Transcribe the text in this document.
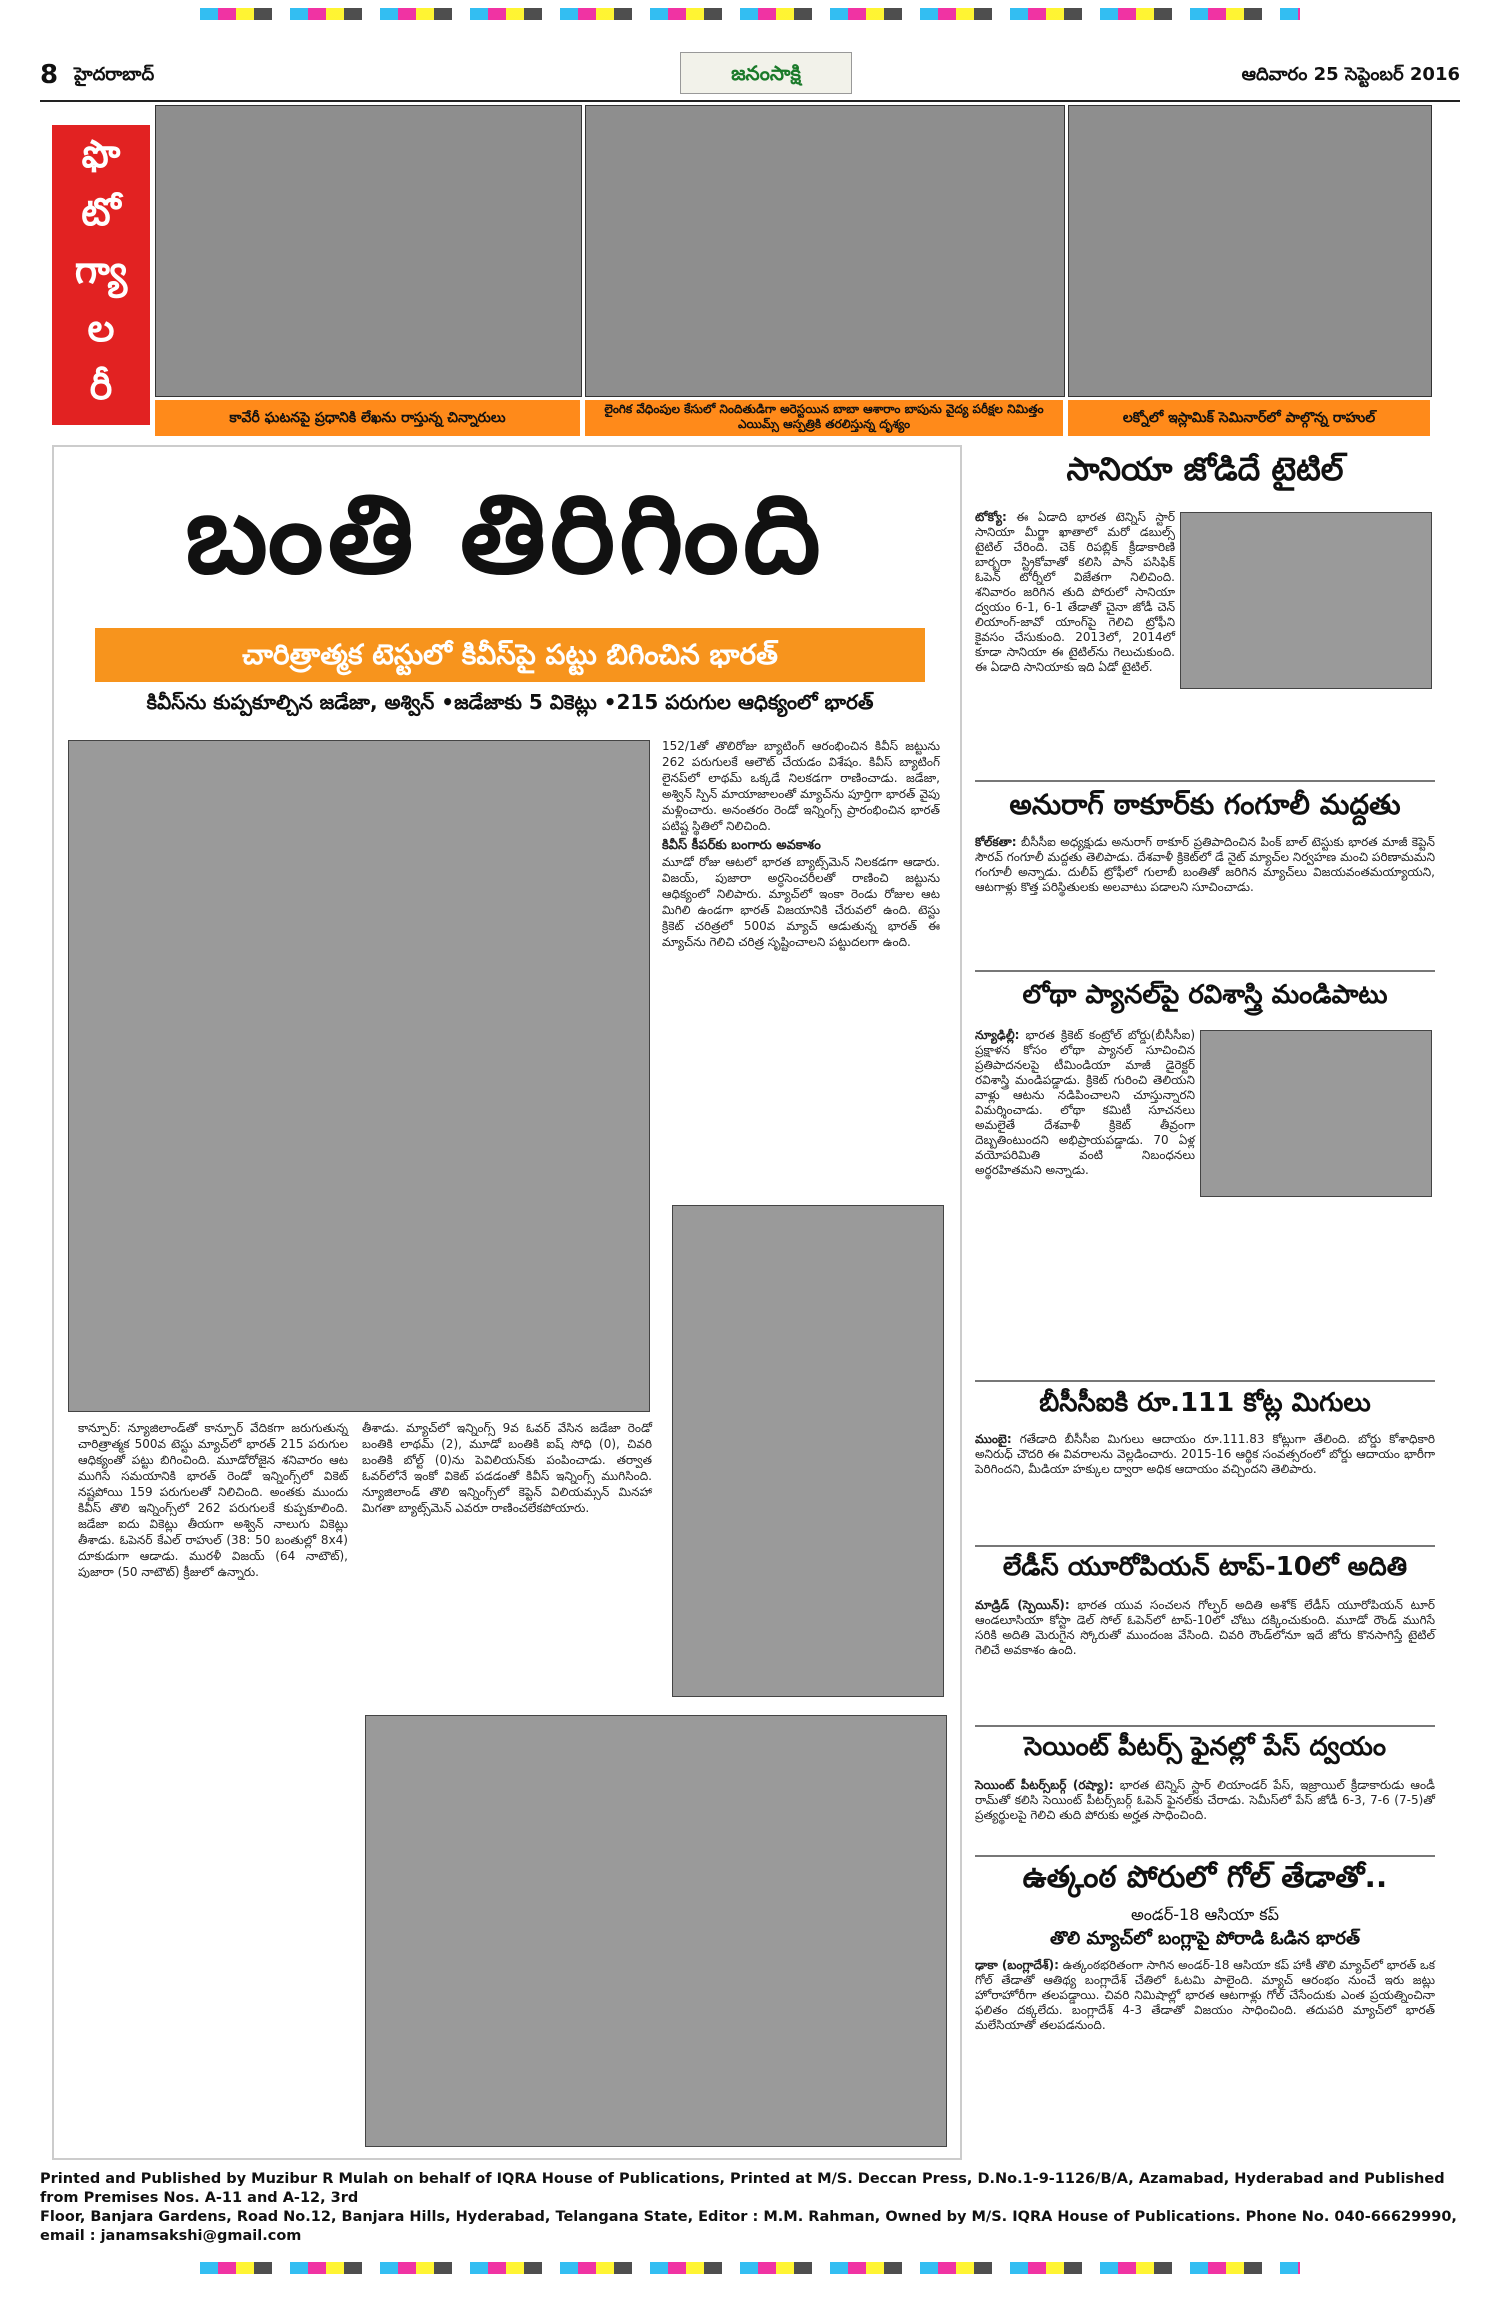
8 హైదరాబాద్	జనంసాక్షి	ఆదివారం 25 సెప్టెంబర్ 2016
ఫొ
టో
గ్యా
ల
రీ
కావేరీ ఘటనపై ప్రధానికి లేఖను రాస్తున్న చిన్నారులు
లైంగిక వేధింపుల కేసులో నిందితుడిగా అరెస్టయిన బాబా ఆశారాం బాపును వైద్య పరీక్షల నిమిత్తం ఎయిమ్స్ ఆస్పత్రికి తరలిస్తున్న దృశ్యం	లక్నోలో ఇస్లామిక్ సెమినార్‌లో పాల్గొన్న రాహుల్
బంతి తిరిగింది
చారిత్రాత్మక టెస్టులో కివీస్‌పై పట్టు బిగించిన భారత్
కివీస్‌ను కుప్పకూల్చిన జడేజా, అశ్విన్ •జడేజాకు 5 వికెట్లు •215 పరుగుల ఆధిక్యంలో భారత్
152/1తో తొలిరోజు బ్యాటింగ్ ఆరంభించిన కివీస్ జట్టును 262 పరుగులకే ఆలౌట్ చేయడం విశేషం. కివీస్ బ్యాటింగ్ లైనప్‌లో లాథమ్ ఒక్కడే నిలకడగా రాణించాడు. జడేజా, అశ్విన్ స్పిన్ మాయాజాలంతో మ్యాచ్‌ను పూర్తిగా భారత్ వైపు మళ్లించారు. అనంతరం రెండో ఇన్నింగ్స్ ప్రారంభించిన భారత్ పటిష్ట స్థితిలో నిలిచింది.
కివీస్ కీపర్‌కు బంగారు అవకాశం
మూడో రోజు ఆటలో భారత బ్యాట్స్‌మెన్ నిలకడగా ఆడారు. విజయ్, పుజారా అర్ధసెంచరీలతో రాణించి జట్టును ఆధిక్యంలో నిలిపారు. మ్యాచ్‌లో ఇంకా రెండు రోజుల ఆట మిగిలి ఉండగా భారత్ విజయానికి చేరువలో ఉంది. టెస్టు క్రికెట్ చరిత్రలో 500వ మ్యాచ్ ఆడుతున్న భారత్ ఈ మ్యాచ్‌ను గెలిచి చరిత్ర సృష్టించాలని పట్టుదలగా ఉంది.
కాన్పూర్: న్యూజిలాండ్‌తో కాన్పూర్ వేదికగా జరుగుతున్న చారిత్రాత్మక 500వ టెస్టు మ్యాచ్‌లో భారత్ 215 పరుగుల ఆధిక్యంతో పట్టు బిగించింది. మూడోరోజైన శనివారం ఆట ముగిసే సమయానికి భారత్ రెండో ఇన్నింగ్స్‌లో వికెట్ నష్టపోయి 159 పరుగులతో నిలిచింది. అంతకు ముందు కివీస్ తొలి ఇన్నింగ్స్‌లో 262 పరుగులకే కుప్పకూలింది. జడేజా ఐదు వికెట్లు తీయగా అశ్విన్ నాలుగు వికెట్లు తీశాడు. ఓపెనర్ కేఎల్ రాహుల్ (38: 50 బంతుల్లో 8x4) దూకుడుగా ఆడాడు. మురళీ విజయ్ (64 నాటౌట్), పుజారా (50 నాటౌట్) క్రీజులో ఉన్నారు.
తీశాడు. మ్యాచ్‌లో ఇన్నింగ్స్ 9వ ఓవర్ వేసిన జడేజా రెండో బంతికి లాథమ్ (2), మూడో బంతికి ఐష్ సోధి (0), చివరి బంతికి బోల్ట్ (0)ను పెవిలియన్‌కు పంపించాడు. తర్వాత ఓవర్‌లోనే ఇంకో వికెట్ పడడంతో కివీస్ ఇన్నింగ్స్ ముగిసింది. న్యూజిలాండ్ తొలి ఇన్నింగ్స్‌లో కెప్టెన్ విలియమ్సన్ మినహా మిగతా బ్యాట్స్‌మెన్ ఎవరూ రాణించలేకపోయారు.
సానియా జోడిదే టైటిల్
టోక్యో: ఈ ఏడాది భారత టెన్నిస్ స్టార్ సానియా మీర్జా ఖాతాలో మరో డబుల్స్ టైటిల్ చేరింది. చెక్ రిపబ్లిక్ క్రీడాకారిణి బార్బరా స్ట్రికోవాతో కలిసి పాన్ పసిఫిక్ ఓపెన్ టోర్నీలో విజేతగా నిలిచింది. శనివారం జరిగిన తుది పోరులో సానియా ద్వయం 6-1, 6-1 తేడాతో చైనా జోడీ చెన్ లియాంగ్-జావో యాంగ్‌పై గెలిచి ట్రోఫీని కైవసం చేసుకుంది. 2013లో, 2014లో కూడా సానియా ఈ టైటిల్‌ను గెలుచుకుంది. ఈ ఏడాది సానియాకు ఇది ఏడో టైటిల్.
అనురాగ్ ఠాకూర్‌కు గంగూలీ మద్దతు
కోల్‌కతా: బీసీసీఐ అధ్యక్షుడు అనురాగ్ ఠాకూర్ ప్రతిపాదించిన పింక్ బాల్ టెస్టుకు భారత మాజీ కెప్టెన్ సౌరవ్ గంగూలీ మద్దతు తెలిపాడు. దేశవాళీ క్రికెట్‌లో డే నైట్ మ్యాచ్‌ల నిర్వహణ మంచి పరిణామమని గంగూలీ అన్నాడు. దులీప్ ట్రోఫీలో గులాబీ బంతితో జరిగిన మ్యాచ్‌లు విజయవంతమయ్యాయని, ఆటగాళ్లు కొత్త పరిస్థితులకు అలవాటు పడాలని సూచించాడు.
లోథా ప్యానల్‌పై రవిశాస్త్రి మండిపాటు
న్యూఢిల్లీ: భారత క్రికెట్ కంట్రోల్ బోర్డు(బీసీసీఐ) ప్రక్షాళన కోసం లోథా ప్యానల్ సూచించిన ప్రతిపాదనలపై టీమిండియా మాజీ డైరెక్టర్ రవిశాస్త్రి మండిపడ్డాడు. క్రికెట్ గురించి తెలియని వాళ్లు ఆటను నడిపించాలని చూస్తున్నారని విమర్శించాడు. లోథా కమిటీ సూచనలు అమలైతే దేశవాళీ క్రికెట్ తీవ్రంగా దెబ్బతింటుందని అభిప్రాయపడ్డాడు. 70 ఏళ్ల వయోపరిమితి వంటి నిబంధనలు అర్థరహితమని అన్నాడు.
బీసీసీఐకి రూ.111 కోట్ల మిగులు
ముంబై: గతేడాది బీసీసీఐ మిగులు ఆదాయం రూ.111.83 కోట్లుగా తేలింది. బోర్డు కోశాధికారి అనిరుధ్ చౌదరి ఈ వివరాలను వెల్లడించారు. 2015-16 ఆర్థిక సంవత్సరంలో బోర్డు ఆదాయం భారీగా పెరిగిందని, మీడియా హక్కుల ద్వారా అధిక ఆదాయం వచ్చిందని తెలిపారు.
లేడీస్ యూరోపియన్ టాప్-10లో అదితి
మాడ్రిడ్ (స్పెయిన్): భారత యువ సంచలన గోల్ఫర్ అదితి అశోక్ లేడీస్ యూరోపియన్ టూర్ ఆండలూసియా కోస్టా డెల్ సోల్ ఓపెన్‌లో టాప్-10లో చోటు దక్కించుకుంది. మూడో రౌండ్ ముగిసే సరికి అదితి మెరుగైన స్కోరుతో ముందంజ వేసింది. చివరి రౌండ్‌లోనూ ఇదే జోరు కొనసాగిస్తే టైటిల్ గెలిచే అవకాశం ఉంది.
సెయింట్ పీటర్స్ ఫైనల్లో పేస్ ద్వయం
సెయింట్ పీటర్స్‌బర్గ్ (రష్యా): భారత టెన్నిస్ స్టార్ లియాండర్ పేస్, ఇజ్రాయిల్ క్రీడాకారుడు ఆండీ రామ్‌తో కలిసి సెయింట్ పీటర్స్‌బర్గ్ ఓపెన్ ఫైనల్‌కు చేరాడు. సెమీస్‌లో పేస్ జోడీ 6-3, 7-6 (7-5)తో ప్రత్యర్థులపై గెలిచి తుది పోరుకు అర్హత సాధించింది.
ఉత్కంఠ పోరులో గోల్ తేడాతో..
అండర్-18 ఆసియా కప్
తొలి మ్యాచ్‌లో బంగ్లాపై పోరాడి ఓడిన భారత్
ఢాకా (బంగ్లాదేశ్): ఉత్కంఠభరితంగా సాగిన అండర్-18 ఆసియా కప్ హాకీ తొలి మ్యాచ్‌లో భారత్ ఒక గోల్ తేడాతో ఆతిథ్య బంగ్లాదేశ్ చేతిలో ఓటమి పాలైంది. మ్యాచ్ ఆరంభం నుంచే ఇరు జట్లు హోరాహోరీగా తలపడ్డాయి. చివరి నిమిషాల్లో భారత ఆటగాళ్లు గోల్ చేసేందుకు ఎంత ప్రయత్నించినా ఫలితం దక్కలేదు. బంగ్లాదేశ్ 4-3 తేడాతో విజయం సాధించింది. తదుపరి మ్యాచ్‌లో భారత్ మలేసియాతో తలపడనుంది.
Printed and Published by Muzibur R Mulah on behalf of IQRA House of Publications, Printed at M/S. Deccan Press, D.No.1-9-1126/B/A, Azamabad, Hyderabad and Published from Premises Nos. A-11 and A-12, 3rd
Floor, Banjara Gardens, Road No.12, Banjara Hills, Hyderabad, Telangana State, Editor : M.M. Rahman, Owned by M/S. IQRA House of Publications. Phone No. 040-66629990, email : janamsakshi@gmail.com
